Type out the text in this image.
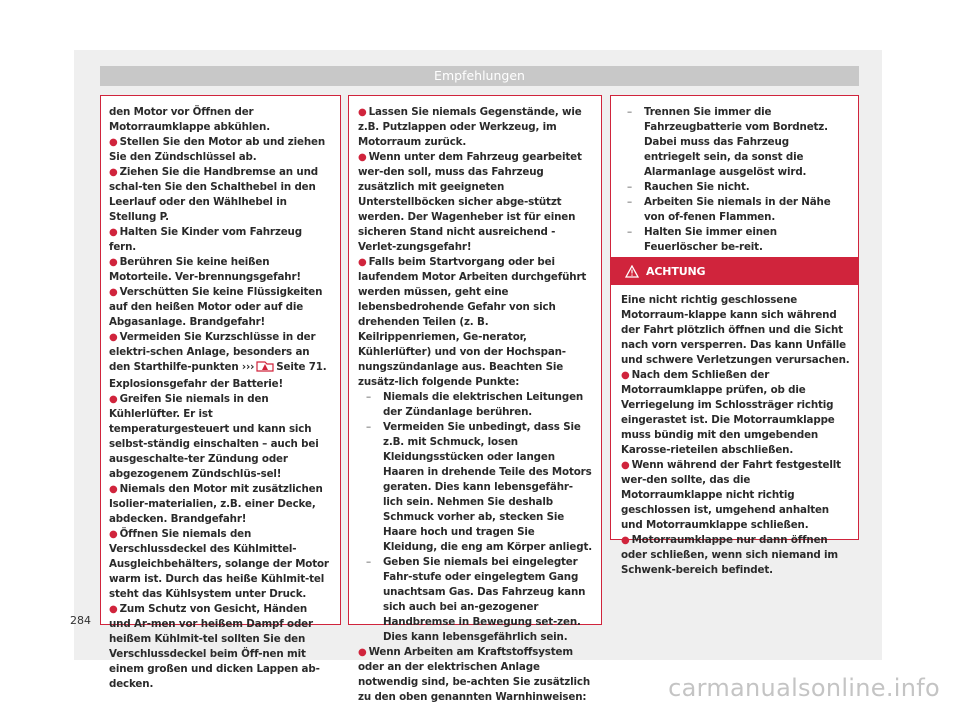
Empfehlungen
den Motor vor Öffnen der Motorraumklappe abkühlen.
● Stellen Sie den Motor ab und ziehen Sie den Zündschlüssel ab.
● Ziehen Sie die Handbremse an und schal-ten Sie den Schalthebel in den Leerlauf oder den Wählhebel in Stellung P.
● Halten Sie Kinder vom Fahrzeug fern.
● Berühren Sie keine heißen Motorteile. Ver-brennungsgefahr!
● Verschütten Sie keine Flüssigkeiten auf den heißen Motor oder auf die Abgasanlage. Brandgefahr!
● Vermeiden Sie Kurzschlüsse in der elektri-schen Anlage, besonders an den Starthilfe-punkten ››› Seite 71. Explosionsgefahr der Batterie!
● Greifen Sie niemals in den Kühlerlüfter. Er ist temperaturgesteuert und kann sich selbst-ständig einschalten – auch bei ausgeschalte-ter Zündung oder abgezogenem Zündschlüs-sel!
● Niemals den Motor mit zusätzlichen Isolier-materialien, z.B. einer Decke, abdecken. Brandgefahr!
● Öffnen Sie niemals den Verschlussdeckel des Kühlmittel-Ausgleichbehälters, solange der Motor warm ist. Durch das heiße Kühlmit-tel steht das Kühlsystem unter Druck.
● Zum Schutz von Gesicht, Händen und Ar-men vor heißem Dampf oder heißem Kühlmit-tel sollten Sie den Verschlussdeckel beim Öff-nen mit einem großen und dicken Lappen ab-decken.
● Lassen Sie niemals Gegenstände, wie z.B. Putzlappen oder Werkzeug, im Motorraum zurück.
● Wenn unter dem Fahrzeug gearbeitet wer-den soll, muss das Fahrzeug zusätzlich mit geeigneten Unterstellböcken sicher abge-stützt werden. Der Wagenheber ist für einen sicheren Stand nicht ausreichend - Verlet-zungsgefahr!
● Falls beim Startvorgang oder bei laufendem Motor Arbeiten durchgeführt werden müssen, geht eine lebensbedrohende Gefahr von sich drehenden Teilen (z. B. Keilrippenriemen, Ge-nerator, Kühlerlüfter) und von der Hochspan-nungszündanlage aus. Beachten Sie zusätz-lich folgende Punkte:
– Niemals die elektrischen Leitungen der Zündanlage berühren.
– Vermeiden Sie unbedingt, dass Sie z.B. mit Schmuck, losen Kleidungsstücken oder langen Haaren in drehende Teile des Motors geraten. Dies kann lebensgefähr-lich sein. Nehmen Sie deshalb Schmuck vorher ab, stecken Sie Haare hoch und tragen Sie Kleidung, die eng am Körper anliegt.
– Geben Sie niemals bei eingelegter Fahr-stufe oder eingelegtem Gang unachtsam Gas. Das Fahrzeug kann sich auch bei an-gezogener Handbremse in Bewegung set-zen. Dies kann lebensgefährlich sein.
● Wenn Arbeiten am Kraftstoffsystem oder an der elektrischen Anlage notwendig sind, be-achten Sie zusätzlich zu den oben genannten Warnhinweisen:
– Trennen Sie immer die Fahrzeugbatterie vom Bordnetz. Dabei muss das Fahrzeug entriegelt sein, da sonst die Alarmanlage ausgelöst wird.
– Rauchen Sie nicht.
– Arbeiten Sie niemals in der Nähe von of-fenen Flammen.
– Halten Sie immer einen Feuerlöscher be-reit.
ACHTUNG
Eine nicht richtig geschlossene Motorraum-klappe kann sich während der Fahrt plötzlich öffnen und die Sicht nach vorn versperren. Das kann Unfälle und schwere Verletzungen verursachen.
● Nach dem Schließen der Motorraumklappe prüfen, ob die Verriegelung im Schlossträger richtig eingerastet ist. Die Motorraumklappe muss bündig mit den umgebenden Karosse-rieteilen abschließen.
● Wenn während der Fahrt festgestellt wer-den sollte, das die Motorraumklappe nicht richtig geschlossen ist, umgehend anhalten und Motorraumklappe schließen.
● Motorraumklappe nur dann öffnen oder schließen, wenn sich niemand im Schwenk-bereich befindet.
284
carmanualsonline.info
